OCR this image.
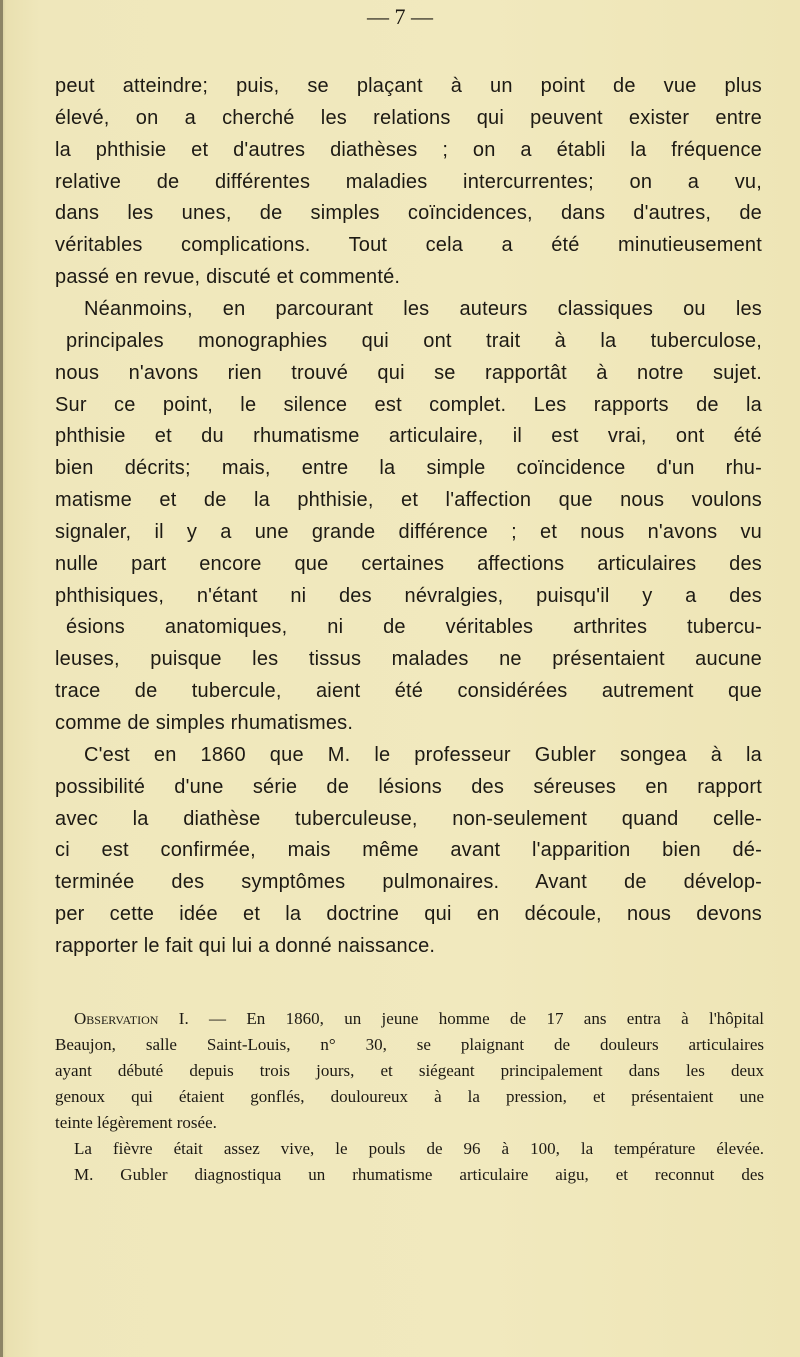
— 7 —
peut atteindre; puis, se plaçant à un point de vue plus
élevé, on a cherché les relations qui peuvent exister entre
la phthisie et d'autres diathèses ; on a établi la fréquence
relative de différentes maladies intercurrentes; on a vu,
dans les unes, de simples coïncidences, dans d'autres, de
véritables complications. Tout cela a été minutieusement
passé en revue, discuté et commenté.
Néanmoins, en parcourant les auteurs classiques ou les
principales monographies qui ont trait à la tuberculose,
nous n'avons rien trouvé qui se rapportât à notre sujet.
Sur ce point, le silence est complet. Les rapports de la
phthisie et du rhumatisme articulaire, il est vrai, ont été
bien décrits; mais, entre la simple coïncidence d'un rhu-
matisme et de la phthisie, et l'affection que nous voulons
signaler, il y a une grande différence ; et nous n'avons vu
nulle part encore que certaines affections articulaires des
phthisiques, n'étant ni des névralgies, puisqu'il y a des
ésions anatomiques, ni de véritables arthrites tubercu-
leuses, puisque les tissus malades ne présentaient aucune
trace de tubercule, aient été considérées autrement que
comme de simples rhumatismes.
C'est en 1860 que M. le professeur Gubler songea à la
possibilité d'une série de lésions des séreuses en rapport
avec la diathèse tuberculeuse, non-seulement quand celle-
ci est confirmée, mais même avant l'apparition bien dé-
terminée des symptômes pulmonaires. Avant de dévelop-
per cette idée et la doctrine qui en découle, nous devons
rapporter le fait qui lui a donné naissance.
Observation I. — En 1860, un jeune homme de 17 ans entra à l'hôpital
Beaujon, salle Saint-Louis, n° 30, se plaignant de douleurs articulaires
ayant débuté depuis trois jours, et siégeant principalement dans les deux
genoux qui étaient gonflés, douloureux à la pression, et présentaient une
teinte légèrement rosée.
La fièvre était assez vive, le pouls de 96 à 100, la température élevée.
M. Gubler diagnostiqua un rhumatisme articulaire aigu, et reconnut des
